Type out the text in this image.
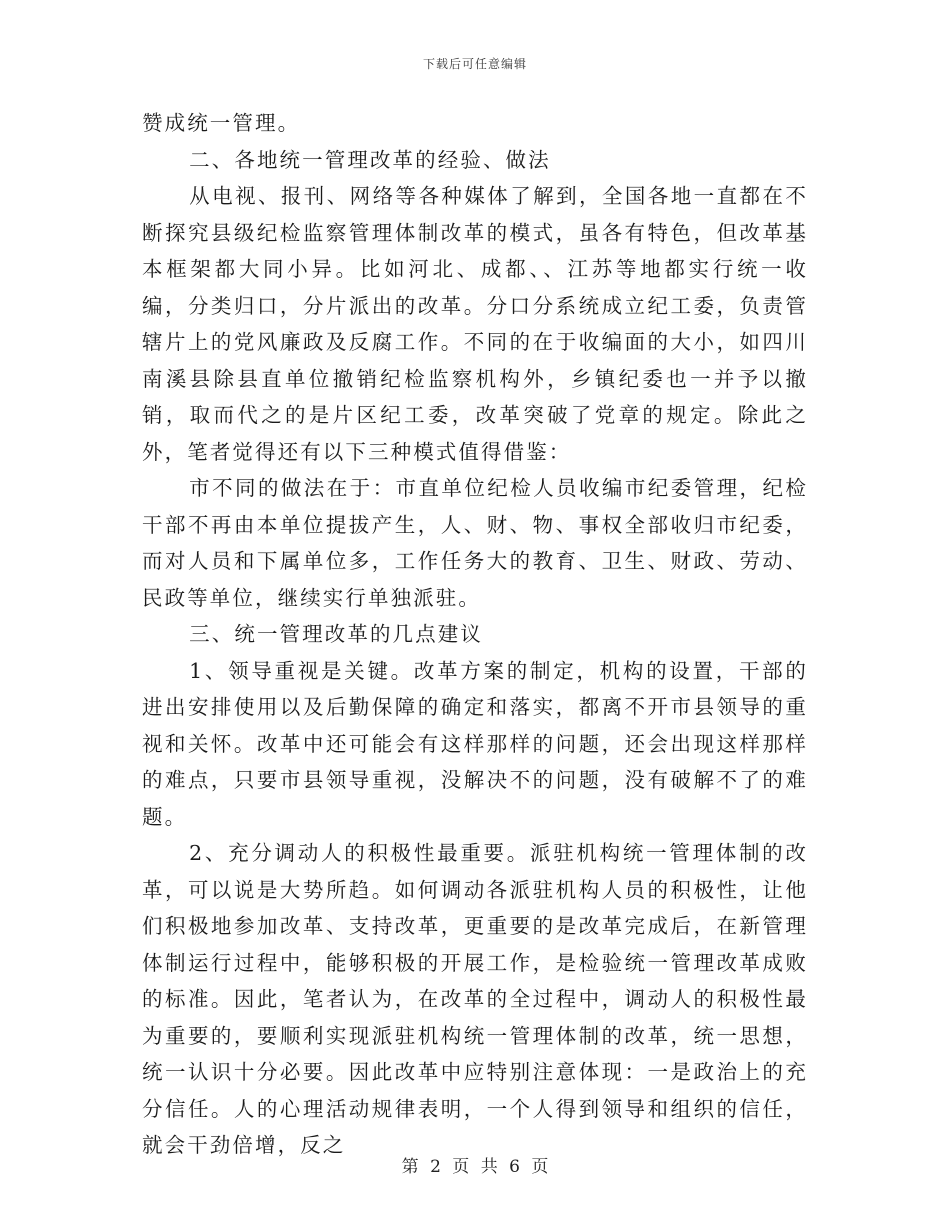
下载后可任意编辑

赞成统一管理。

二、各地统一管理改革的经验、做法

从电视、报刊、网络等各种媒体了解到，全国各地一直都在不断探究县级纪检监察管理体制改革的模式，虽各有特色，但改革基本框架都大同小异。比如河北、成都、、江苏等地都实行统一收编，分类归口，分片派出的改革。分口分系统成立纪工委，负责管辖片上的党风廉政及反腐工作。不同的在于收编面的大小，如四川南溪县除县直单位撤销纪检监察机构外，乡镇纪委也一并予以撤销，取而代之的是片区纪工委，改革突破了党章的规定。除此之外，笔者觉得还有以下三种模式值得借鉴：

市不同的做法在于：市直单位纪检人员收编市纪委管理，纪检干部不再由本单位提拔产生，人、财、物、事权全部收归市纪委，而对人员和下属单位多，工作任务大的教育、卫生、财政、劳动、民政等单位，继续实行单独派驻。

三、统一管理改革的几点建议

1、领导重视是关键。改革方案的制定，机构的设置，干部的进出安排使用以及后勤保障的确定和落实，都离不开市县领导的重视和关怀。改革中还可能会有这样那样的问题，还会出现这样那样的难点，只要市县领导重视，没解决不的问题，没有破解不了的难题。

2、充分调动人的积极性最重要。派驻机构统一管理体制的改革，可以说是大势所趋。如何调动各派驻机构人员的积极性，让他们积极地参加改革、支持改革，更重要的是改革完成后，在新管理体制运行过程中，能够积极的开展工作，是检验统一管理改革成败的标准。因此，笔者认为，在改革的全过程中，调动人的积极性最为重要的，要顺利实现派驻机构统一管理体制的改革，统一思想，统一认识十分必要。因此改革中应特别注意体现：一是政治上的充分信任。人的心理活动规律表明，一个人得到领导和组织的信任，就会干劲倍增，反之

第 2 页 共 6 页
